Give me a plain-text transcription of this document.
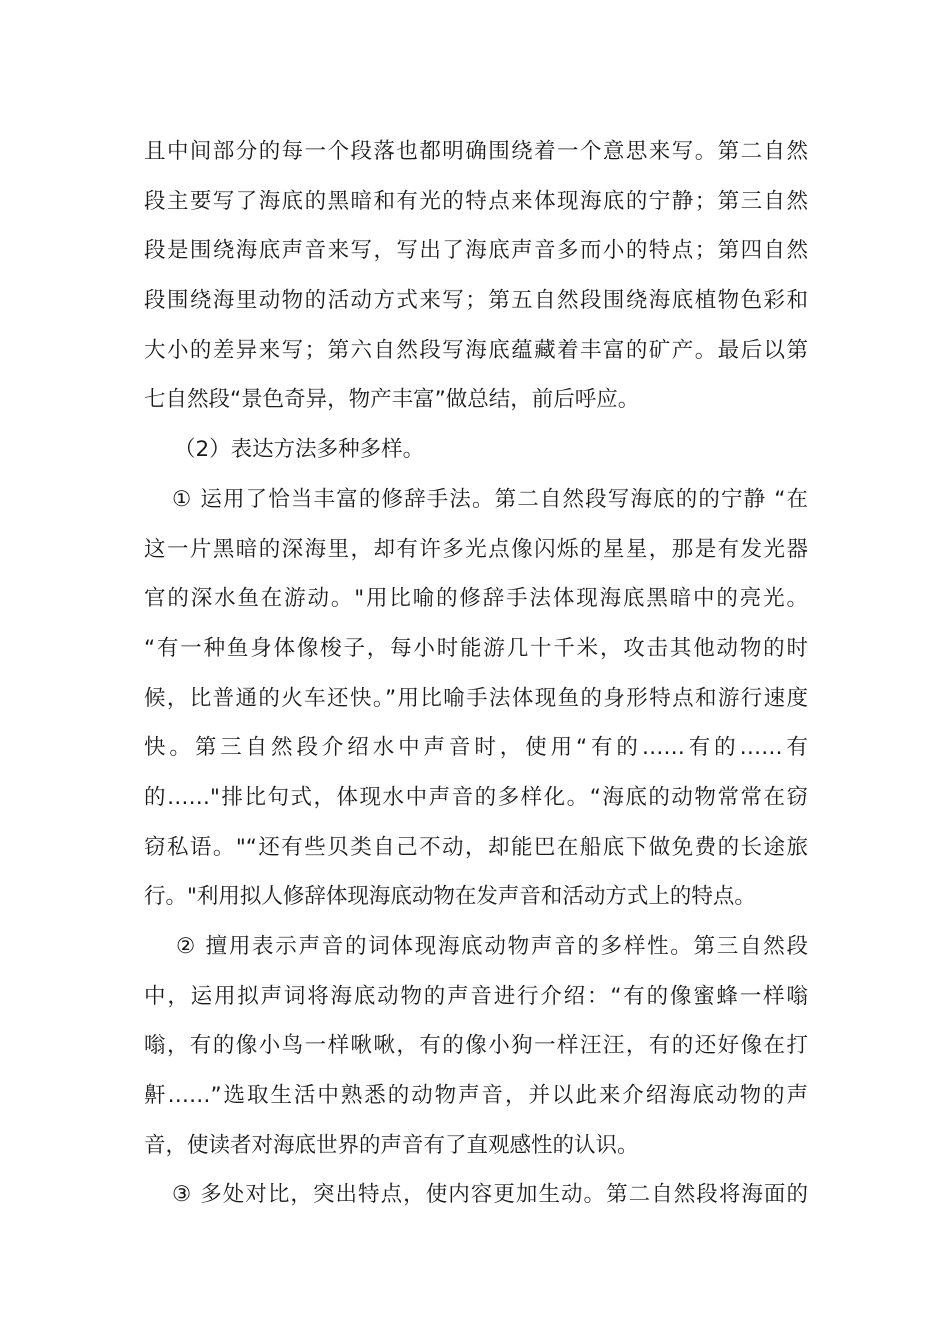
且中间部分的每一个段落也都明确围绕着一个意思来写。第二自然
段主要写了海底的黑暗和有光的特点来体现海底的宁静；第三自然
段是围绕海底声音来写，写出了海底声音多而小的特点；第四自然
段围绕海里动物的活动方式来写；第五自然段围绕海底植物色彩和
大小的差异来写；第六自然段写海底蕴藏着丰富的矿产。最后以第
七自然段“景色奇异，物产丰富”做总结，前后呼应。
（2）表达方法多种多样。
① 运用了恰当丰富的修辞手法。第二自然段写海底的的宁静 “在
这一片黑暗的深海里，却有许多光点像闪烁的星星，那是有发光器
官的深水鱼在游动。"用比喻的修辞手法体现海底黑暗中的亮光。
“有一种鱼身体像梭子，每小时能游几十千米，攻击其他动物的时
候，比普通的火车还快。”用比喻手法体现鱼的身形特点和游行速度
快。第三自然段介绍水中声音时，使用“有的……有的……有
的……"排比句式，体现水中声音的多样化。“海底的动物常常在窃
窃私语。"“还有些贝类自己不动，却能巴在船底下做免费的长途旅
行。"利用拟人修辞体现海底动物在发声音和活动方式上的特点。
② 擅用表示声音的词体现海底动物声音的多样性。第三自然段
中，运用拟声词将海底动物的声音进行介绍：“有的像蜜蜂一样嗡
嗡，有的像小鸟一样啾啾，有的像小狗一样汪汪，有的还好像在打
鼾……”选取生活中熟悉的动物声音，并以此来介绍海底动物的声
音，使读者对海底世界的声音有了直观感性的认识。
③ 多处对比，突出特点，使内容更加生动。第二自然段将海面的
